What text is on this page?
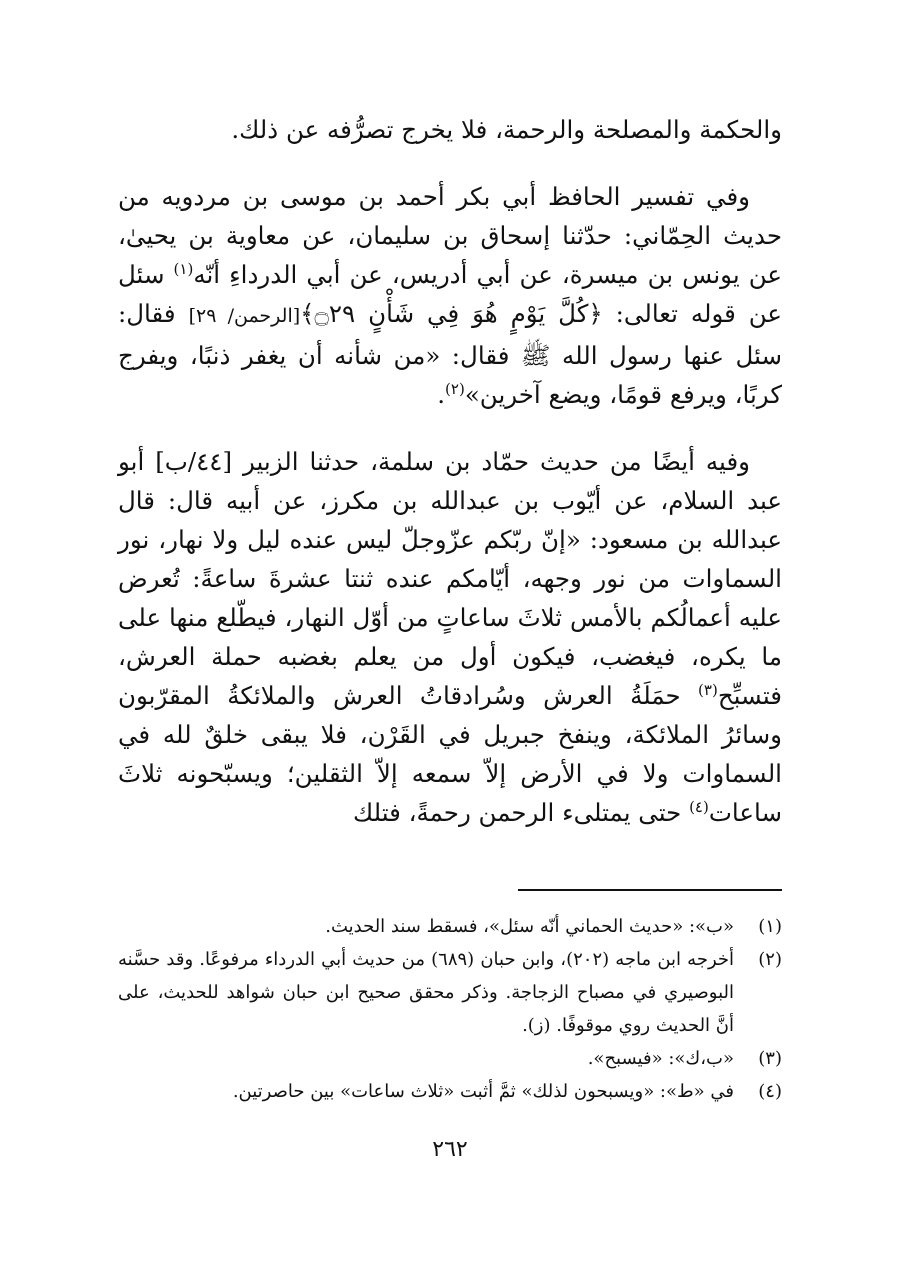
والحكمة والمصلحة والرحمة، فلا يخرج تصرُّفه عن ذلك.

وفي تفسير الحافظ أبي بكر أحمد بن موسى بن مردويه من حديث الحِمّاني: حدّثنا إسحاق بن سليمان، عن معاوية بن يحيىٰ، عن يونس بن ميسرة، عن أبي أدريس، عن أبي الدرداءِ أنّه$^{(١)}$ سئل عن قوله تعالى: ﴿كُلَّ يَوْمٍ هُوَ فِي شَأْنٍ ۝٢٩﴾[الرحمن/ ٢٩] فقال: سئل عنها رسول الله ﷺ فقال: «من شأنه أن يغفر ذنبًا، ويفرج كربًا، ويرفع قومًا، ويضع آخرين»$^{(٢)}$.

وفيه أيضًا من حديث حمّاد بن سلمة، حدثنا الزبير [٤٤/ب] أبو عبد السلام، عن أيّوب بن عبدالله بن مكرز، عن أبيه قال: قال عبدالله بن مسعود: «إنّ ربّكم عزّوجلّ ليس عنده ليل ولا نهار، نور السماوات من نور وجهه، أيّامكم عنده ثنتا عشرةَ ساعةً: تُعرض عليه أعمالُكم بالأمس ثلاثَ ساعاتٍ من أوّل النهار، فيطّلع منها على ما يكره، فيغضب، فيكون أول من يعلم بغضبه حملة العرش، فتسبِّح$^{(٣)}$ حمَلَةُ العرش وسُرادقاتُ العرش والملائكةُ المقرّبون وسائرُ الملائكة، وينفخ جبريل في القَرْن، فلا يبقى خلقٌ لله في السماوات ولا في الأرض إلاّ سمعه إلاّ الثقلين؛ ويسبّحونه ثلاثَ ساعات$^{(٤)}$ حتى يمتلىء الرحمن رحمةً، فتلك

(١)
«ب»: «حديث الحماني أنّه سئل»، فسقط سند الحديث.
(٢)
أخرجه ابن ماجه (٢٠٢)، وابن حبان (٦٨٩) من حديث أبي الدرداء مرفوعًا. وقد حسَّنه البوصيري في مصباح الزجاجة. وذكر محقق صحيح ابن حبان شواهد للحديث، على أنَّ الحديث روي موقوفًا. (ز).
(٣)
«ب،ك»: «فيسبح».
(٤)
في «ط»: «ويسبحون لذلك» ثمَّ أثبت «ثلاث ساعات» بين حاصرتين.
٢٦٢
